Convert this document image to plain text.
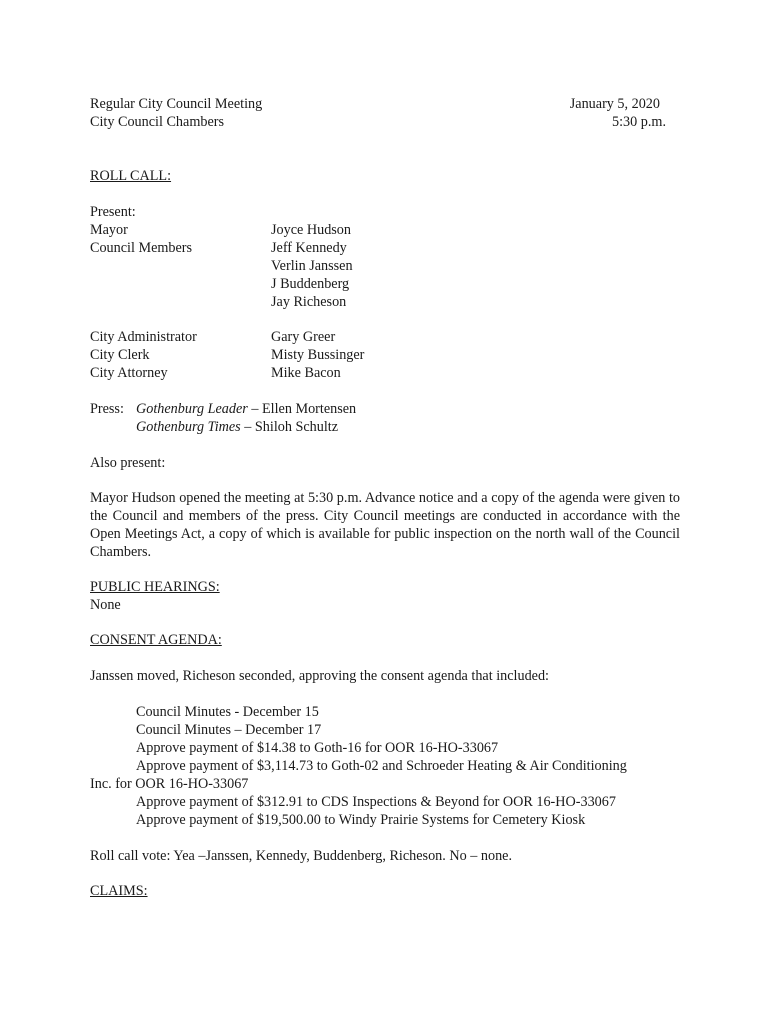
Regular City Council Meeting
City Council Chambers
January 5, 2020
5:30 p.m.
ROLL CALL:
Present:
Mayor	Joyce Hudson
Council Members	Jeff Kennedy
Verlin Janssen
J Buddenberg
Jay Richeson
City Administrator	Gary Greer
City Clerk	Misty Bussinger
City Attorney	Mike Bacon
Press: Gothenburg Leader – Ellen Mortensen
Gothenburg Times – Shiloh Schultz
Also present:
Mayor Hudson opened the meeting at 5:30 p.m. Advance notice and a copy of the agenda were given to the Council and members of the press. City Council meetings are conducted in accordance with the Open Meetings Act, a copy of which is available for public inspection on the north wall of the Council Chambers.
PUBLIC HEARINGS:
None
CONSENT AGENDA:
Janssen moved, Richeson seconded, approving the consent agenda that included:
Council Minutes - December 15
Council Minutes – December 17
Approve payment of $14.38 to Goth-16 for OOR 16-HO-33067
Approve payment of $3,114.73 to Goth-02 and Schroeder Heating & Air Conditioning
Inc. for OOR 16-HO-33067
Approve payment of $312.91 to CDS Inspections & Beyond for OOR 16-HO-33067
Approve payment of $19,500.00 to Windy Prairie Systems for Cemetery Kiosk
Roll call vote: Yea –Janssen, Kennedy, Buddenberg, Richeson. No – none.
CLAIMS:
